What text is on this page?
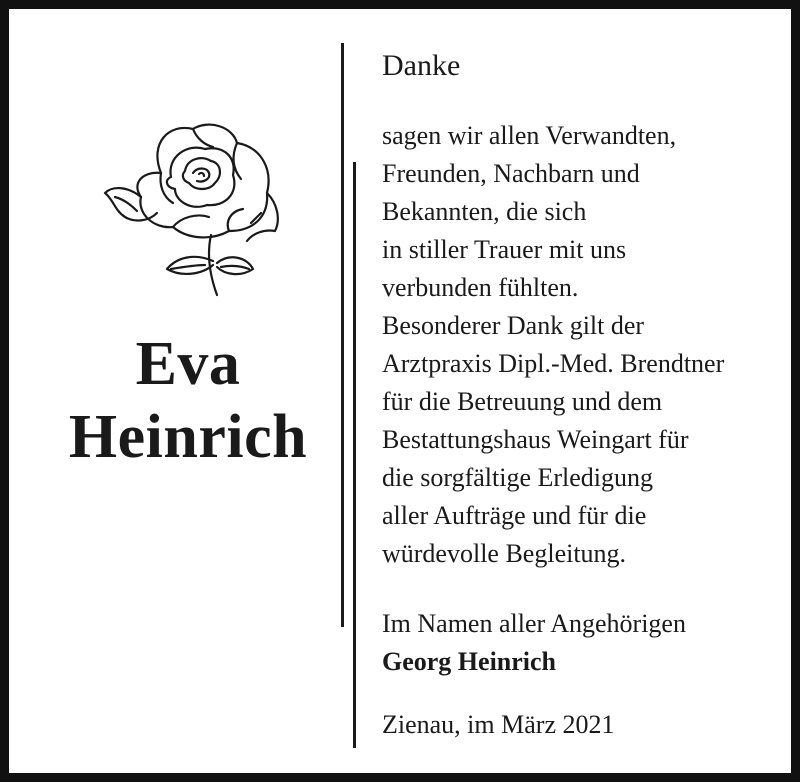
Eva
Heinrich
Danke
sagen wir allen Verwandten,
Freunden, Nachbarn und
Bekannten, die sich
in stiller Trauer mit uns
verbunden fühlten.
Besonderer Dank gilt der
Arztpraxis Dipl.-Med. Brendtner
für die Betreuung und dem
Bestattungshaus Weingart für
die sorgfältige Erledigung
aller Aufträge und für die
würdevolle Begleitung.
Im Namen aller Angehörigen
Georg Heinrich
Zienau, im März 2021
